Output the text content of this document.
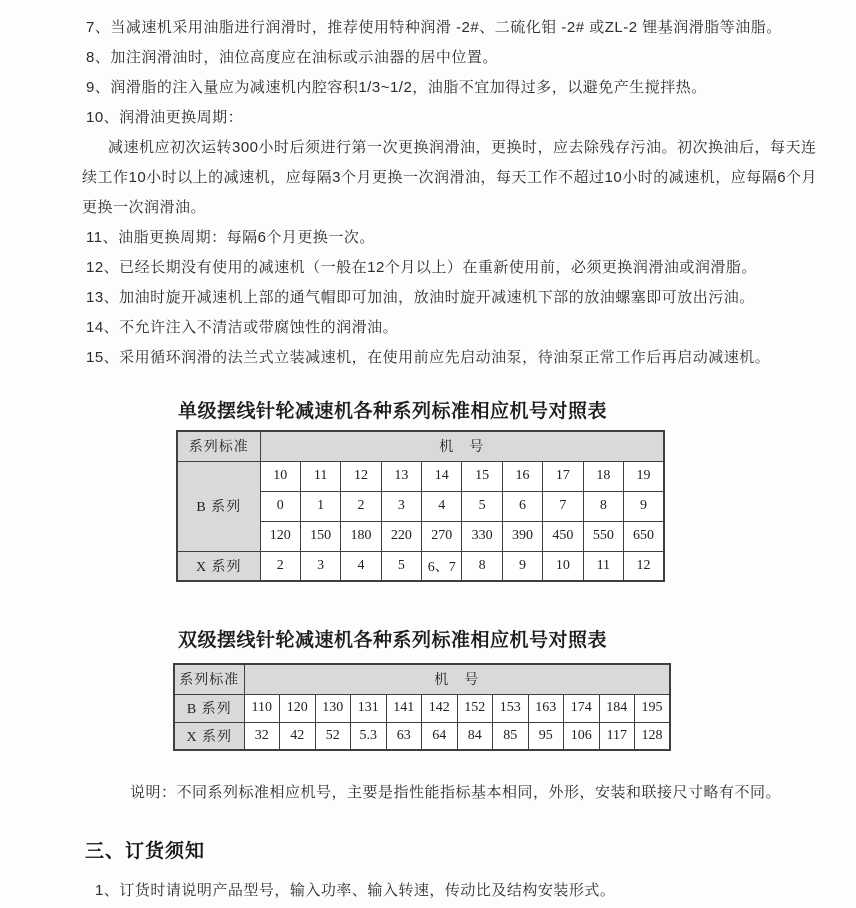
7、当减速机采用油脂进行润滑时，推荐使用特种润滑 -2#、二硫化钼 -2# 或ZL-2 锂基润滑脂等油脂。

8、加注润滑油时，油位高度应在油标或示油器的居中位置。

9、润滑脂的注入量应为减速机内腔容积1/3~1/2，油脂不宜加得过多，以避免产生搅拌热。

10、润滑油更换周期：

减速机应初次运转300小时后须进行第一次更换润滑油，更换时，应去除残存污油。初次换油后，每天连

续工作10小时以上的减速机，应每隔3个月更换一次润滑油，每天工作不超过10小时的减速机，应每隔6个月

更换一次润滑油。

11、油脂更换周期：每隔6个月更换一次。

12、已经长期没有使用的减速机（一般在12个月以上）在重新使用前，必须更换润滑油或润滑脂。

13、加油时旋开减速机上部的通气帽即可加油，放油时旋开减速机下部的放油螺塞即可放出污油。

14、不允许注入不清洁或带腐蚀性的润滑油。

15、采用循环润滑的法兰式立装减速机，在使用前应先启动油泵，待油泵正常工作后再启动减速机。

单级摆线针轮减速机各种系列标准相应机号对照表
系列标准	机　号									
B 系列	10	11	12	13	14	15	16	17	18	19
	0	1	2	3	4	5	6	7	8	9
	120	150	180	220	270	330	390	450	550	650
X 系列	2	3	4	5	6、7	8	9	10	11	12
双级摆线针轮减速机各种系列标准相应机号对照表
系列标准	机　号											
B 系列	110	120	130	131	141	142	152	153	163	174	184	195
X 系列	32	42	52	5.3	63	64	84	85	95	106	117	128

说明：不同系列标准相应机号，主要是指性能指标基本相同，外形，安装和联接尺寸略有不同。

三、订货须知

1、订货时请说明产品型号，输入功率、输入转速，传动比及结构安装形式。
